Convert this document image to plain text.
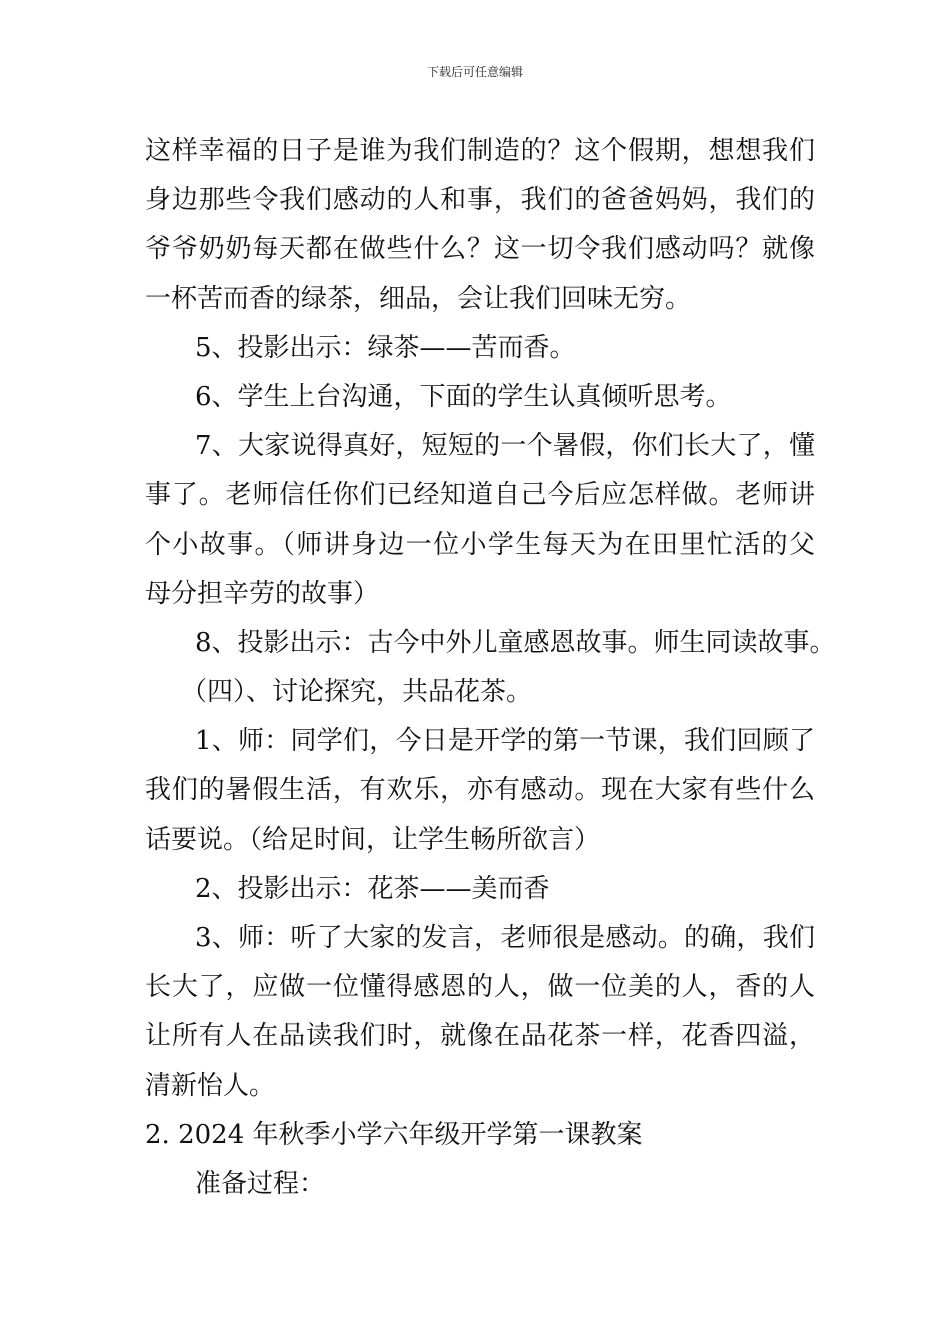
下载后可任意编辑
这样幸福的日子是谁为我们制造的？这个假期，想想我们
身边那些令我们感动的人和事，我们的爸爸妈妈，我们的
爷爷奶奶每天都在做些什么？这一切令我们感动吗？就像
一杯苦而香的绿茶，细品，会让我们回味无穷。
5、投影出示：绿茶——苦而香。
6、学生上台沟通，下面的学生认真倾听思考。
7、大家说得真好，短短的一个暑假，你们长大了，懂
事了。老师信任你们已经知道自己今后应怎样做。老师讲
个小故事。（师讲身边一位小学生每天为在田里忙活的父
母分担辛劳的故事）
8、投影出示：古今中外儿童感恩故事。师生同读故事。
（四）、讨论探究，共品花茶。
1、师：同学们，今日是开学的第一节课，我们回顾了
我们的暑假生活，有欢乐，亦有感动。现在大家有些什么
话要说。（给足时间，让学生畅所欲言）
2、投影出示：花茶——美而香
3、师：听了大家的发言，老师很是感动。的确，我们
长大了，应做一位懂得感恩的人，做一位美的人，香的人
让所有人在品读我们时，就像在品花茶一样，花香四溢，
清新怡人。
2. 2024 年秋季小学六年级开学第一课教案
准备过程：
